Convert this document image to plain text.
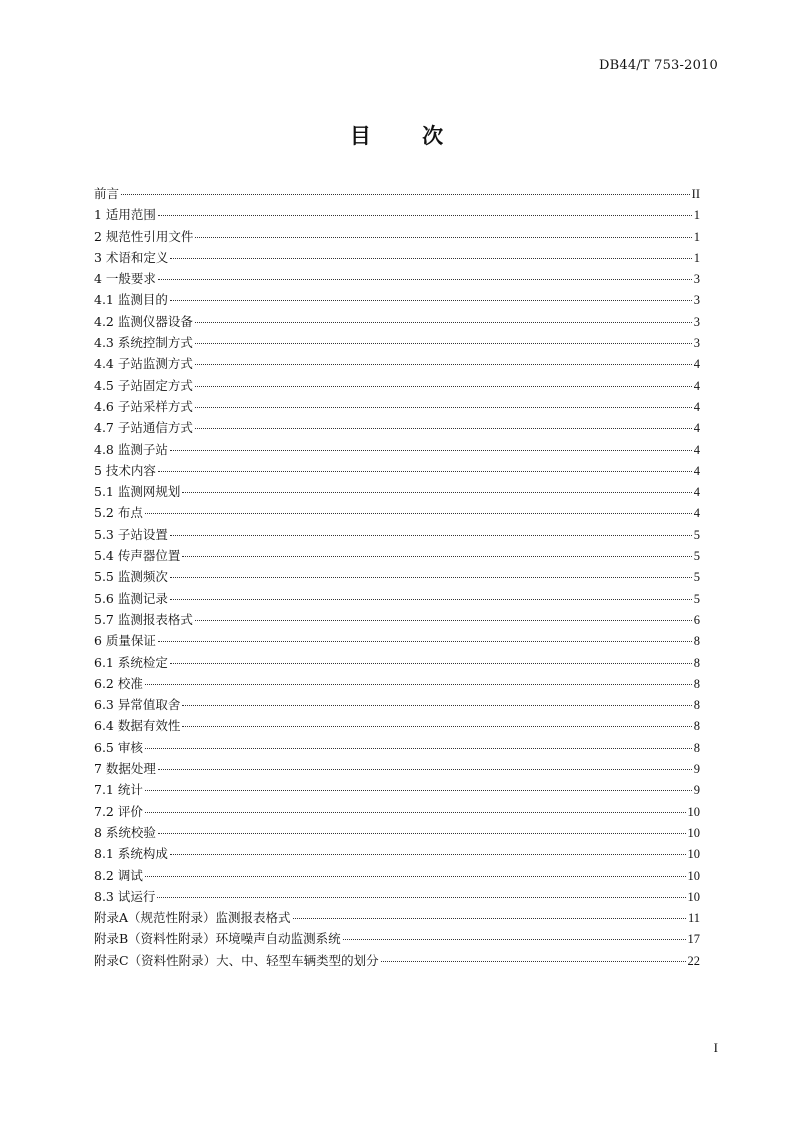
DB44/T 753-2010
目 次
前言	II
1 适用范围	1
2 规范性引用文件	1
3 术语和定义	1
4 一般要求	3
4.1 监测目的	3
4.2 监测仪器设备	3
4.3 系统控制方式	3
4.4 子站监测方式	4
4.5 子站固定方式	4
4.6 子站采样方式	4
4.7 子站通信方式	4
4.8 监测子站	4
5 技术内容	4
5.1 监测网规划	4
5.2 布点	4
5.3 子站设置	5
5.4 传声器位置	5
5.5 监测频次	5
5.6 监测记录	5
5.7 监测报表格式	6
6 质量保证	8
6.1 系统检定	8
6.2 校准	8
6.3 异常值取舍	8
6.4 数据有效性	8
6.5 审核	8
7 数据处理	9
7.1 统计	9
7.2 评价	10
8 系统校验	10
8.1 系统构成	10
8.2 调试	10
8.3 试运行	10
附录A（规范性附录）监测报表格式	11
附录B（资料性附录）环境噪声自动监测系统	17
附录C（资料性附录）大、中、轻型车辆类型的划分	22
I
